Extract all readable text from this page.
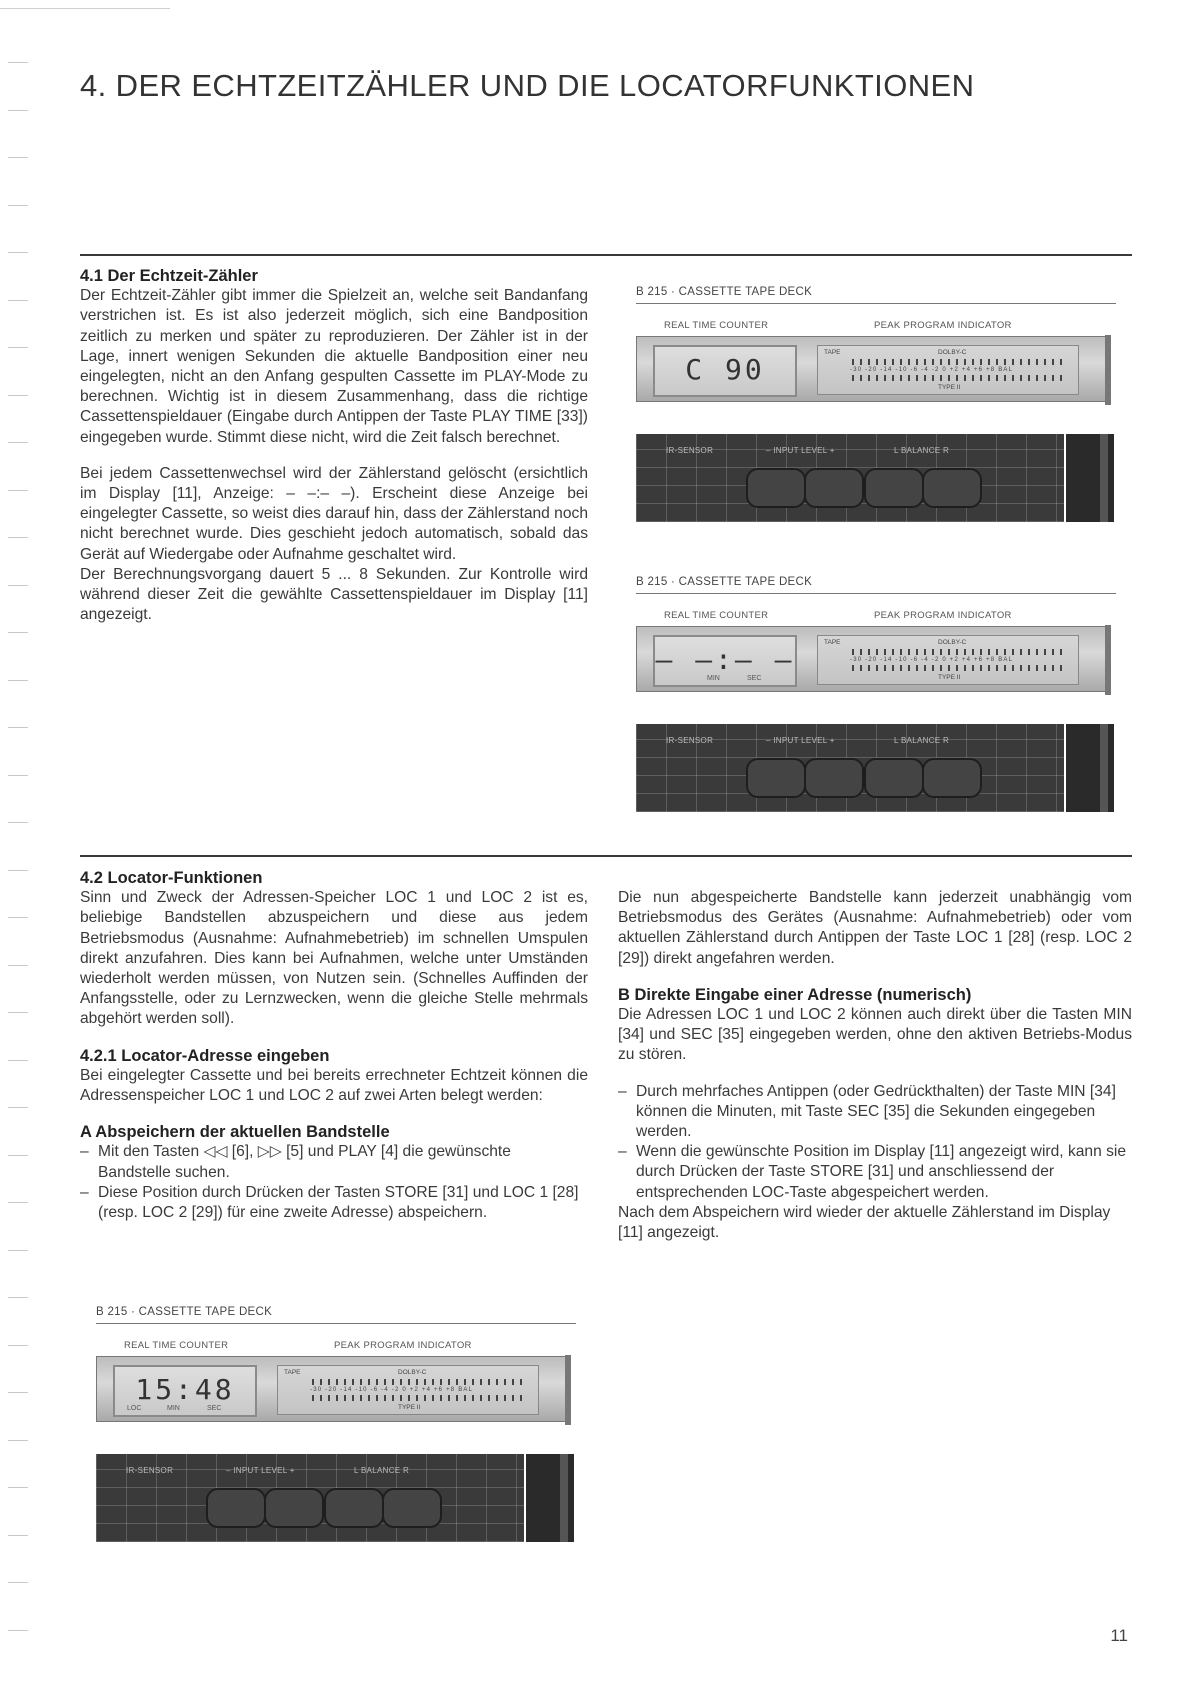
4. DER ECHTZEITZÄHLER UND DIE LOCATORFUNKTIONEN
4.1 Der Echtzeit-Zähler

Der Echtzeit-Zähler gibt immer die Spielzeit an, welche seit Bandanfang verstrichen ist. Es ist also jederzeit möglich, sich eine Bandposition zeitlich zu merken und später zu reproduzieren. Der Zähler ist in der Lage, innert wenigen Sekunden die aktuelle Bandposition einer neu eingelegten, nicht an den Anfang gespulten Cassette im PLAY-Mode zu berechnen. Wichtig ist in diesem Zusammenhang, dass die richtige Cassettenspieldauer (Eingabe durch Antippen der Taste PLAY TIME [33]) eingegeben wurde. Stimmt diese nicht, wird die Zeit falsch berechnet.

Bei jedem Cassettenwechsel wird der Zählerstand gelöscht (ersichtlich im Display [11], Anzeige: – –:– –). Erscheint diese Anzeige bei eingelegter Cassette, so weist dies darauf hin, dass der Zählerstand noch nicht berechnet wurde. Dies geschieht jedoch automatisch, sobald das Gerät auf Wiedergabe oder Aufnahme geschaltet wird.

Der Berechnungsvorgang dauert 5 ... 8 Sekunden. Zur Kontrolle wird während dieser Zeit die gewählte Cassettenspieldauer im Display [11] angezeigt.

B 215 · CASSETTE TAPE DECK
REAL TIME COUNTER	PEAK PROGRAM INDICATOR
C 90
TAPE	DOLBY-C
-30 -20 -14 -10 -6 -4 -2 0 +2 +4 +6 +8 BAL
TYPE II
IR-SENSOR	– INPUT LEVEL +	L BALANCE R
B 215 · CASSETTE TAPE DECK
REAL TIME COUNTER	PEAK PROGRAM INDICATOR
– –:– –
MIN	SEC
TAPE	DOLBY-C
-30 -20 -14 -10 -6 -4 -2 0 +2 +4 +6 +8 BAL
TYPE II
IR-SENSOR	– INPUT LEVEL +	L BALANCE R
4.2 Locator-Funktionen

Sinn und Zweck der Adressen-Speicher LOC 1 und LOC 2 ist es, beliebige Bandstellen abzuspeichern und diese aus jedem Betriebsmodus (Ausnahme: Aufnahmebetrieb) im schnellen Umspulen direkt anzufahren. Dies kann bei Aufnahmen, welche unter Umständen wiederholt werden müssen, von Nutzen sein. (Schnelles Auffinden der Anfangsstelle, oder zu Lernzwecken, wenn die gleiche Stelle mehrmals abgehört werden soll).

4.2.1 Locator-Adresse eingeben

Bei eingelegter Cassette und bei bereits errechneter Echtzeit können die Adressenspeicher LOC 1 und LOC 2 auf zwei Arten belegt werden:

A Abspeichern der aktuellen Bandstelle
– Mit den Tasten ◁◁ [6], ▷▷ [5] und PLAY [4] die gewünschte Bandstelle suchen.
– Diese Position durch Drücken der Tasten STORE [31] und LOC 1 [28] (resp. LOC 2 [29]) für eine zweite Adresse) abspeichern.

Die nun abgespeicherte Bandstelle kann jederzeit unabhängig vom Betriebsmodus des Gerätes (Ausnahme: Aufnahmebetrieb) oder vom aktuellen Zählerstand durch Antippen der Taste LOC 1 [28] (resp. LOC 2 [29]) direkt angefahren werden.

B Direkte Eingabe einer Adresse (numerisch)

Die Adressen LOC 1 und LOC 2 können auch direkt über die Tasten MIN [34] und SEC [35] eingegeben werden, ohne den aktiven Betriebs-Modus zu stören.

– Durch mehrfaches Antippen (oder Gedrückthalten) der Taste MIN [34] können die Minuten, mit Taste SEC [35] die Sekunden eingegeben werden.
– Wenn die gewünschte Position im Display [11] angezeigt wird, kann sie durch Drücken der Taste STORE [31] und anschliessend der entsprechenden LOC-Taste abgespeichert werden.

Nach dem Abspeichern wird wieder der aktuelle Zählerstand im Display [11] angezeigt.

B 215 · CASSETTE TAPE DECK
REAL TIME COUNTER	PEAK PROGRAM INDICATOR
15:48
LOC	MIN	SEC
TAPE	DOLBY-C
-30 -20 -14 -10 -6 -4 -2 0 +2 +4 +6 +8 BAL
TYPE II
IR-SENSOR	– INPUT LEVEL +	L BALANCE R
11
